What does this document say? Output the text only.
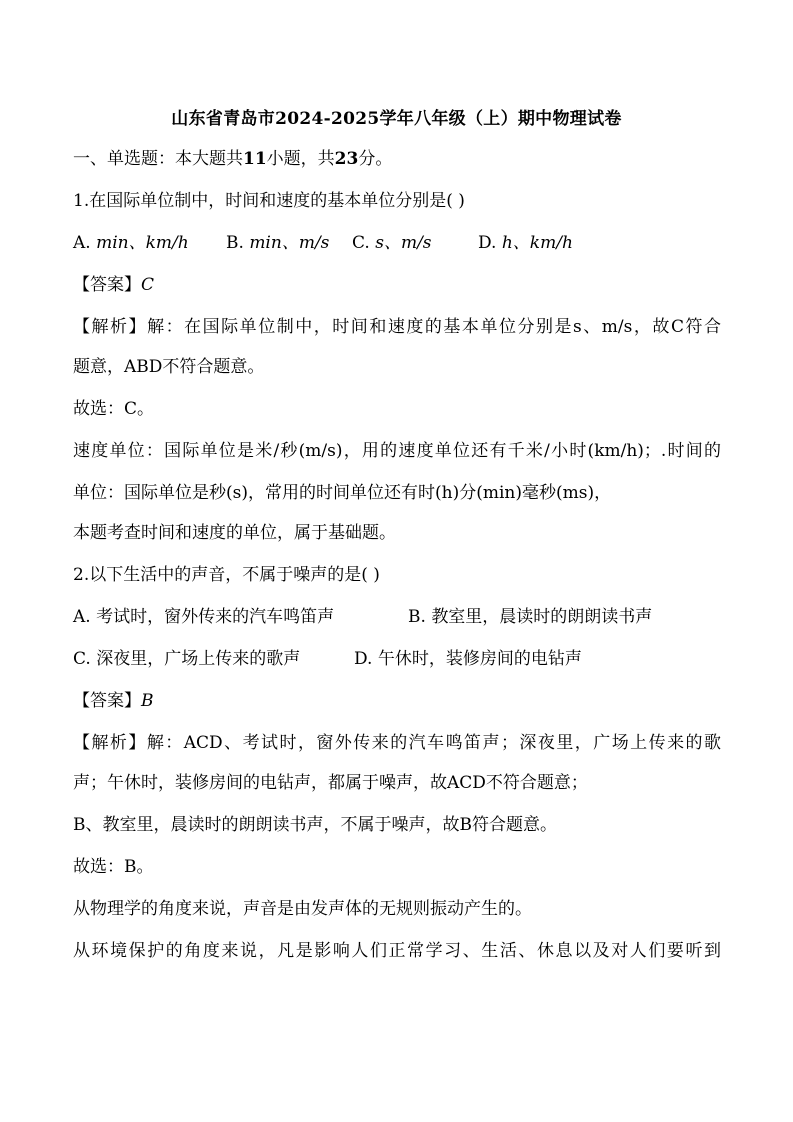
山东省青岛市2024-2025学年八年级（上）期中物理试卷
一、单选题：本大题共11小题，共23分。
1.在国际单位制中，时间和速度的基本单位分别是( )
A. min、km/h B. min、m/s C. s、m/s	D. h、km/h
【答案】C
【解析】解：在国际单位制中，时间和速度的基本单位分别是s、m/s，故C符合
题意，ABD不符合题意。
故选：C。
速度单位：国际单位是米/秒(m/s)，用的速度单位还有千米/小时(km/h)；.时间的
单位：国际单位是秒(s)，常用的时间单位还有时(h)分(min)毫秒(ms)，
本题考查时间和速度的单位，属于基础题。
2.以下生活中的声音，不属于噪声的是( )
A. 考试时，窗外传来的汽车鸣笛声	B. 教室里，晨读时的朗朗读书声
C. 深夜里，广场上传来的歌声	D. 午休时，装修房间的电钻声
【答案】B
【解析】解：ACD、考试时，窗外传来的汽车鸣笛声；深夜里，广场上传来的歌
声；午休时，装修房间的电钻声，都属于噪声，故ACD不符合题意；
B、教室里，晨读时的朗朗读书声，不属于噪声，故B符合题意。
故选：B。
从物理学的角度来说，声音是由发声体的无规则振动产生的。
从环境保护的角度来说，凡是影响人们正常学习、生活、休息以及对人们要听到
